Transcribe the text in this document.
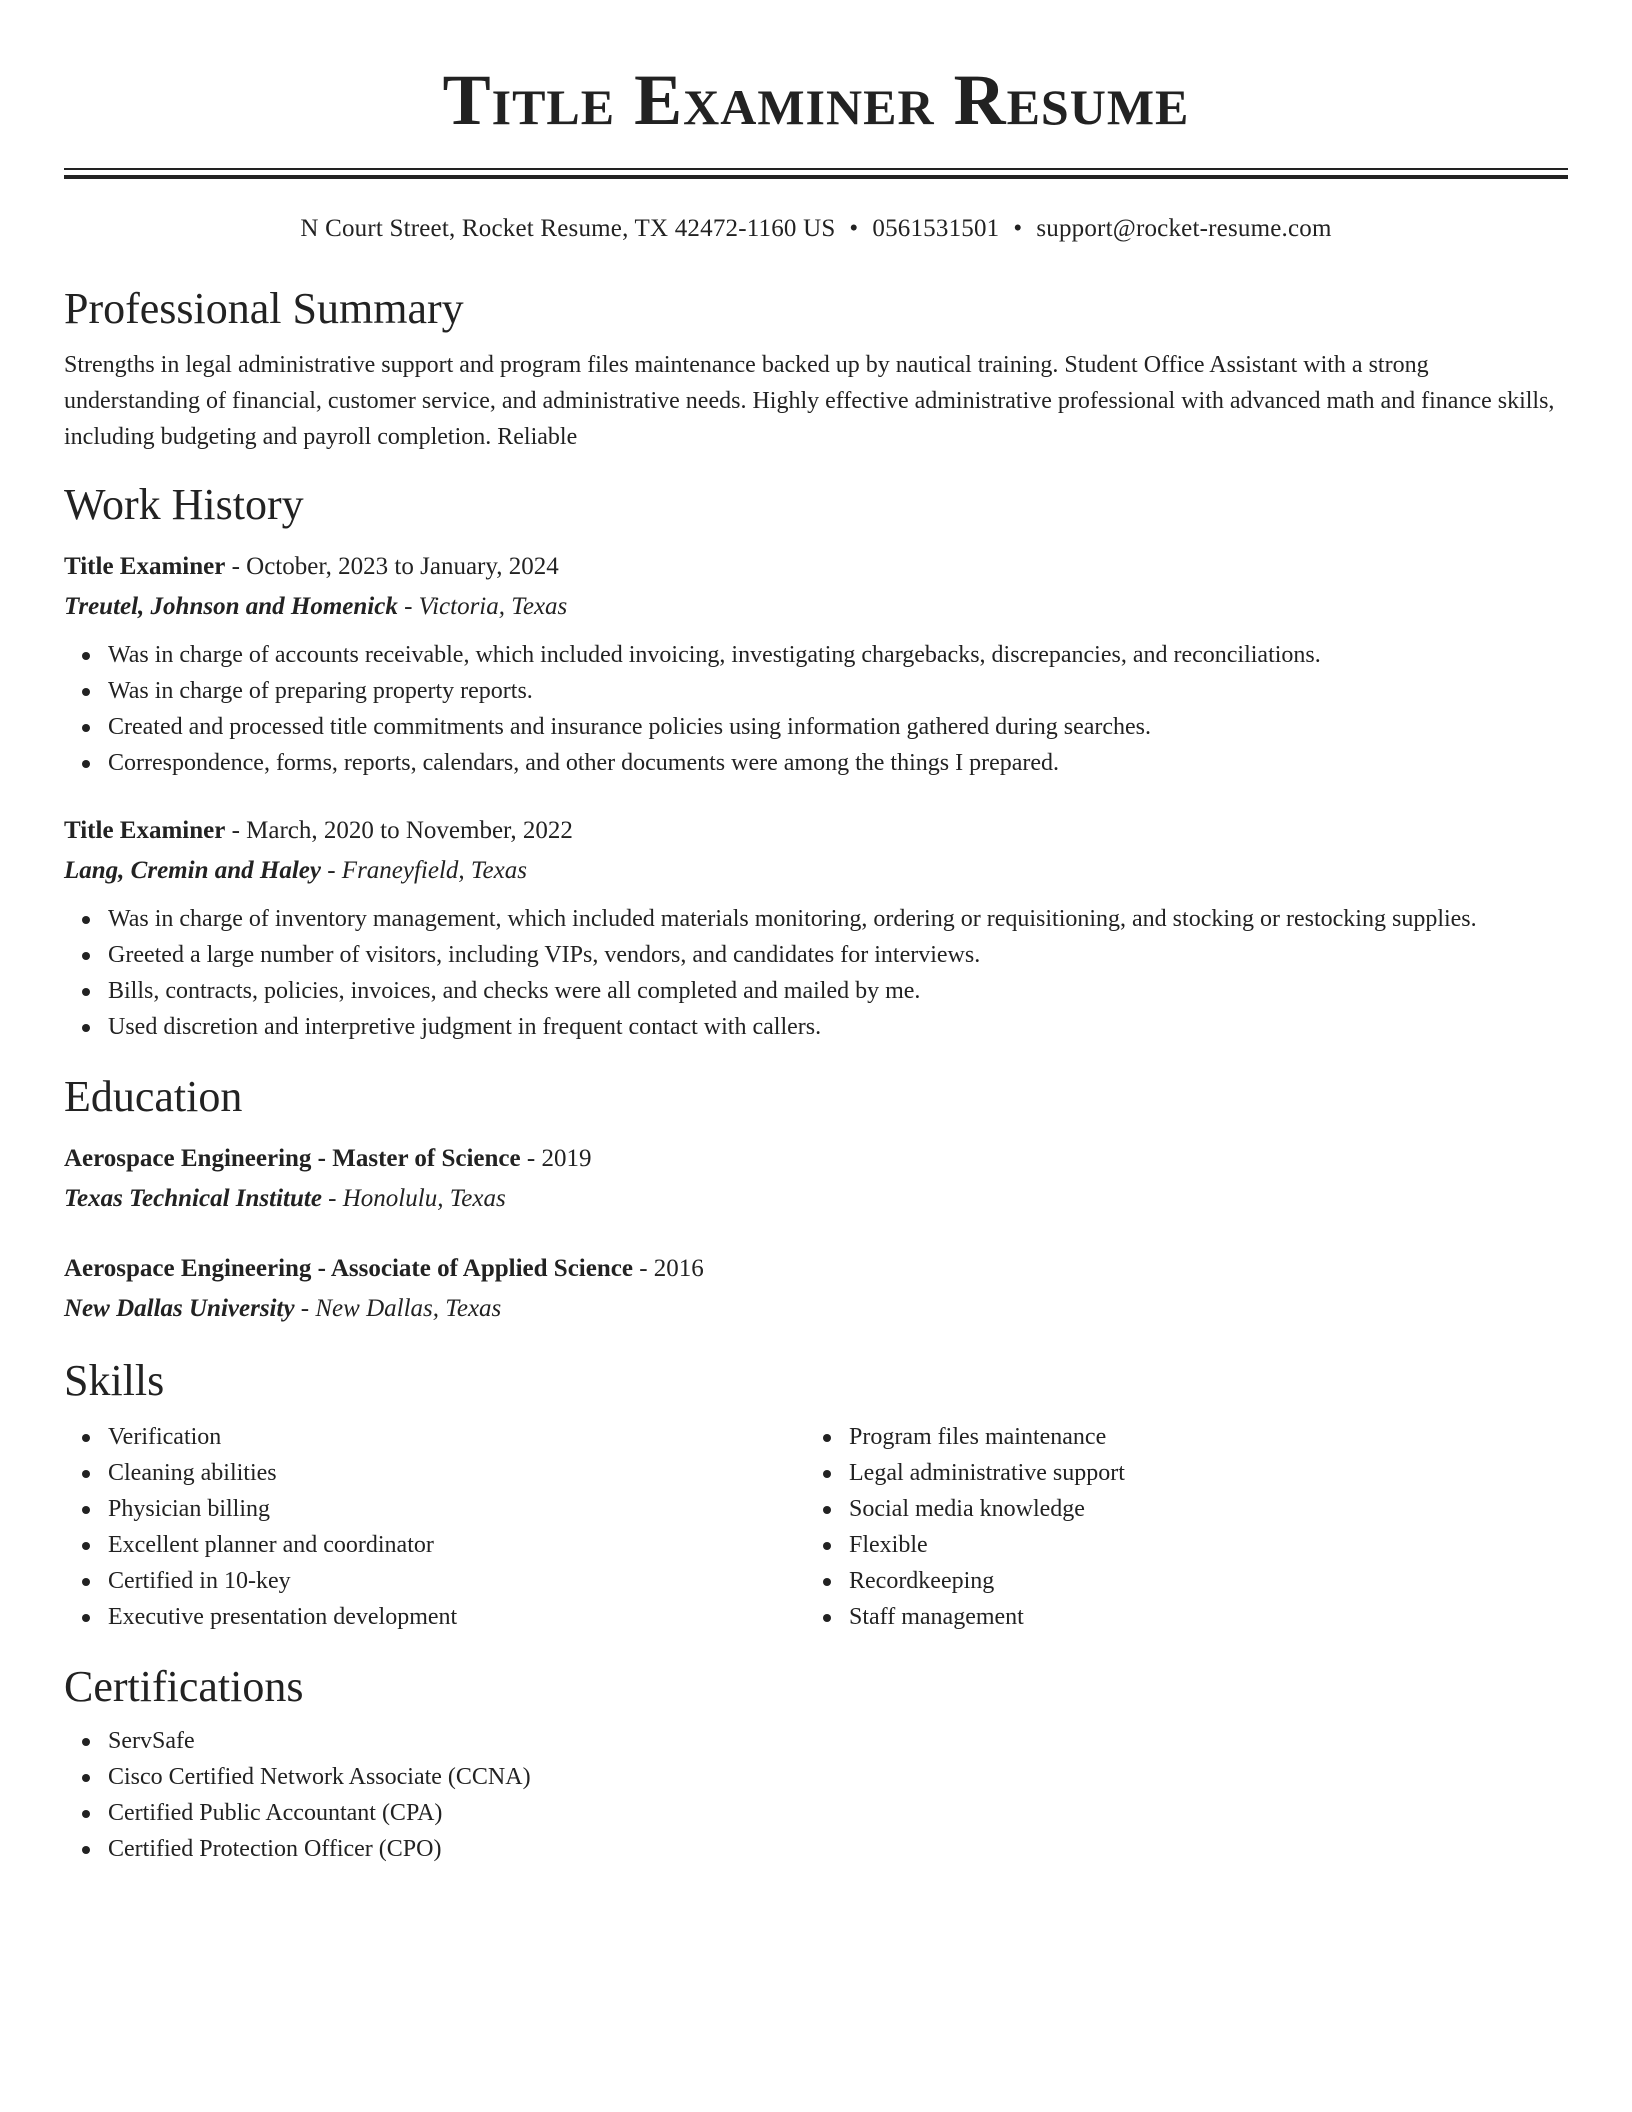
Title Examiner Resume
N Court Street, Rocket Resume, TX 42472-1160 US • 0561531501 • support@rocket-resume.com
Professional Summary

Strengths in legal administrative support and program files maintenance backed up by nautical training. Student Office Assistant with a strong understanding of financial, customer service, and administrative needs. Highly effective administrative professional with advanced math and finance skills, including budgeting and payroll completion. Reliable

Work History

Title Examiner - October, 2023 to January, 2024

Treutel, Johnson and Homenick - Victoria, Texas

Was in charge of accounts receivable, which included invoicing, investigating chargebacks, discrepancies, and reconciliations.
Was in charge of preparing property reports.
Created and processed title commitments and insurance policies using information gathered during searches.
Correspondence, forms, reports, calendars, and other documents were among the things I prepared.

Title Examiner - March, 2020 to November, 2022

Lang, Cremin and Haley - Franeyfield, Texas

Was in charge of inventory management, which included materials monitoring, ordering or requisitioning, and stocking or restocking supplies.
Greeted a large number of visitors, including VIPs, vendors, and candidates for interviews.
Bills, contracts, policies, invoices, and checks were all completed and mailed by me.
Used discretion and interpretive judgment in frequent contact with callers.
Education

Aerospace Engineering - Master of Science - 2019

Texas Technical Institute - Honolulu, Texas

Aerospace Engineering - Associate of Applied Science - 2016

New Dallas University - New Dallas, Texas

Skills
Verification
Cleaning abilities
Physician billing
Excellent planner and coordinator
Certified in 10-key
Executive presentation development
Program files maintenance
Legal administrative support
Social media knowledge
Flexible
Recordkeeping
Staff management
Certifications
ServSafe
Cisco Certified Network Associate (CCNA)
Certified Public Accountant (CPA)
Certified Protection Officer (CPO)
